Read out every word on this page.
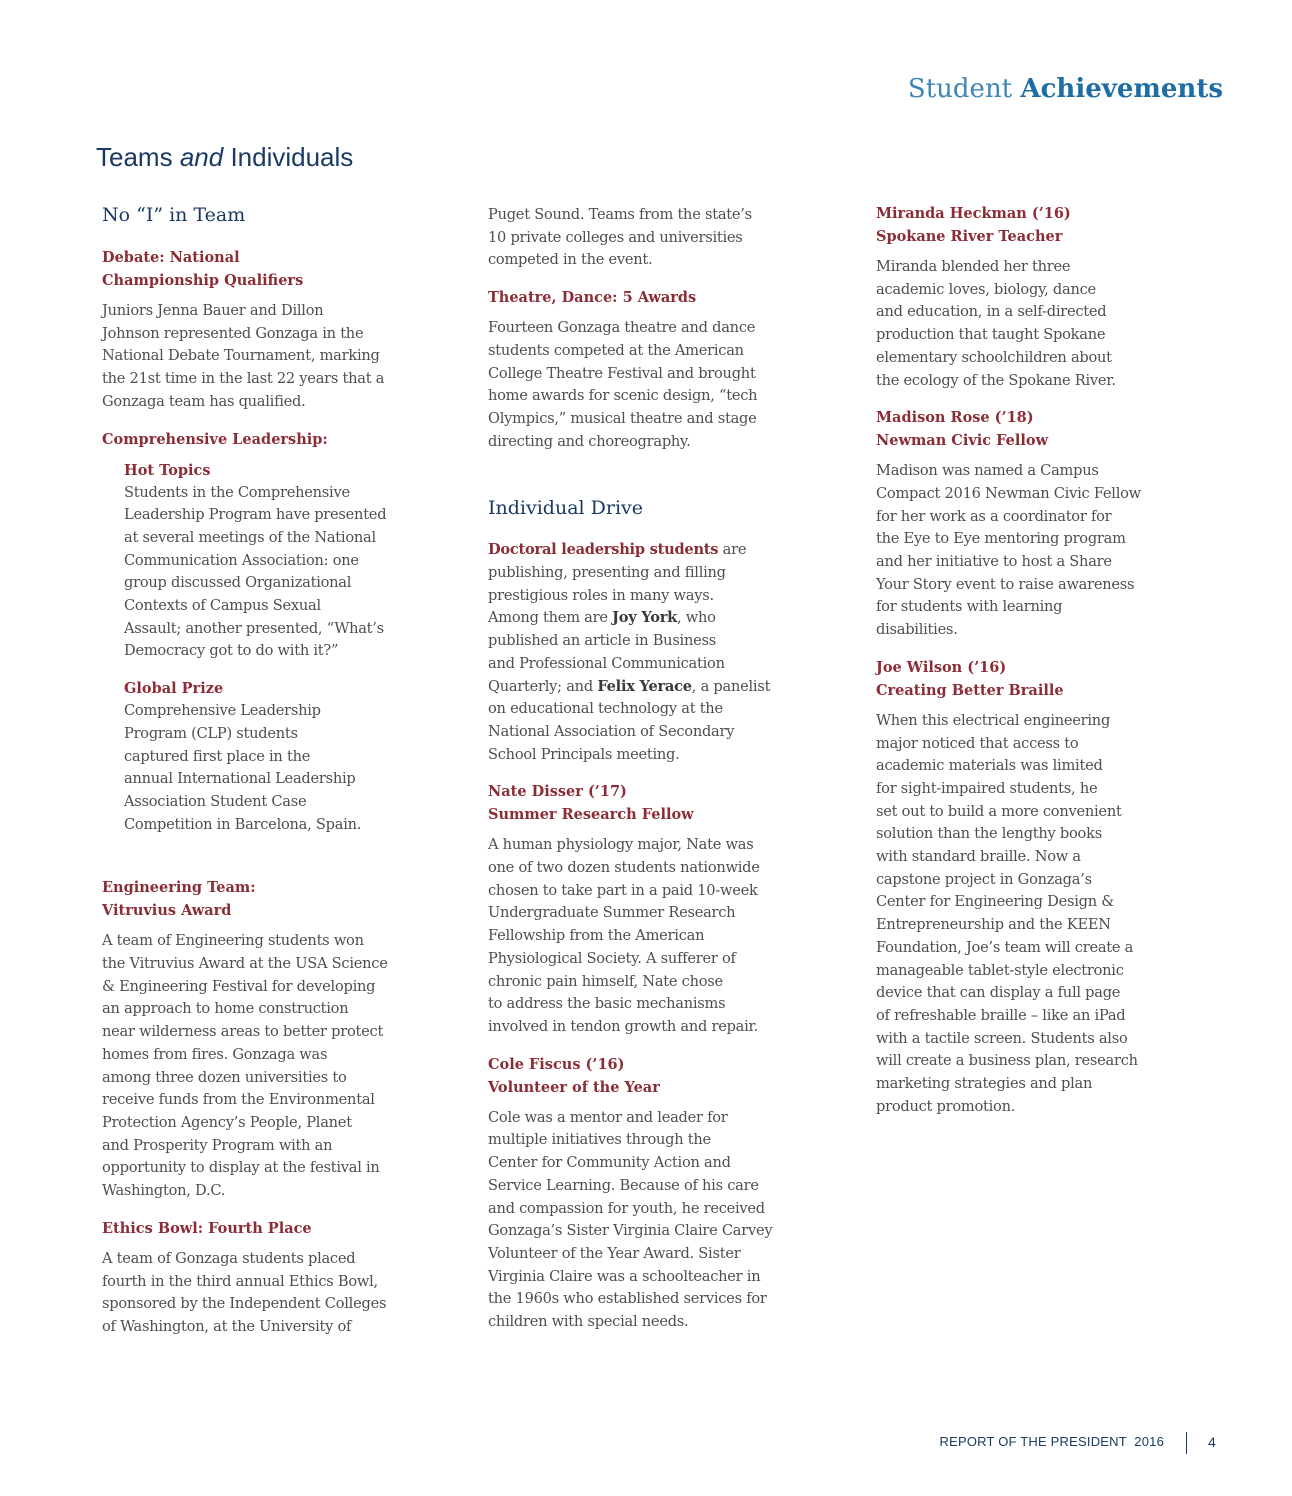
Student Achievements
Teams and Individuals
No “I” in Team
Debate: National
Championship Qualifiers
Juniors Jenna Bauer and Dillon
Johnson represented Gonzaga in the
National Debate Tournament, marking
the 21st time in the last 22 years that a
Gonzaga team has qualified.
Comprehensive Leadership:
Hot Topics
Students in the Comprehensive
Leadership Program have presented
at several meetings of the National
Communication Association: one
group discussed Organizational
Contexts of Campus Sexual
Assault; another presented, “What’s
Democracy got to do with it?”
Global Prize
Comprehensive Leadership
Program (CLP) students
captured first place in the
annual International Leadership
Association Student Case
Competition in Barcelona, Spain.
Engineering Team:
Vitruvius Award
A team of Engineering students won
the Vitruvius Award at the USA Science
& Engineering Festival for developing
an approach to home construction
near wilderness areas to better protect
homes from fires. Gonzaga was
among three dozen universities to
receive funds from the Environmental
Protection Agency’s People, Planet
and Prosperity Program with an
opportunity to display at the festival in
Washington, D.C.
Ethics Bowl: Fourth Place
A team of Gonzaga students placed
fourth in the third annual Ethics Bowl,
sponsored by the Independent Colleges
of Washington, at the University of
Puget Sound. Teams from the state’s
10 private colleges and universities
competed in the event.
Theatre, Dance: 5 Awards
Fourteen Gonzaga theatre and dance
students competed at the American
College Theatre Festival and brought
home awards for scenic design, “tech
Olympics,” musical theatre and stage
directing and choreography.
Individual Drive
Doctoral leadership students are
publishing, presenting and filling
prestigious roles in many ways.
Among them are Joy York, who
published an article in Business
and Professional Communication
Quarterly; and Felix Yerace, a panelist
on educational technology at the
National Association of Secondary
School Principals meeting.
Nate Disser (’17)
Summer Research Fellow
A human physiology major, Nate was
one of two dozen students nationwide
chosen to take part in a paid 10-week
Undergraduate Summer Research
Fellowship from the American
Physiological Society. A sufferer of
chronic pain himself, Nate chose
to address the basic mechanisms
involved in tendon growth and repair.
Cole Fiscus (’16)
Volunteer of the Year
Cole was a mentor and leader for
multiple initiatives through the
Center for Community Action and
Service Learning. Because of his care
and compassion for youth, he received
Gonzaga’s Sister Virginia Claire Carvey
Volunteer of the Year Award. Sister
Virginia Claire was a schoolteacher in
the 1960s who established services for
children with special needs.
Miranda Heckman (’16)
Spokane River Teacher
Miranda blended her three
academic loves, biology, dance
and education, in a self-directed
production that taught Spokane
elementary schoolchildren about
the ecology of the Spokane River.
Madison Rose (’18)
Newman Civic Fellow
Madison was named a Campus
Compact 2016 Newman Civic Fellow
for her work as a coordinator for
the Eye to Eye mentoring program
and her initiative to host a Share
Your Story event to raise awareness
for students with learning
disabilities.
Joe Wilson (’16)
Creating Better Braille
When this electrical engineering
major noticed that access to
academic materials was limited
for sight-impaired students, he
set out to build a more convenient
solution than the lengthy books
with standard braille. Now a
capstone project in Gonzaga’s
Center for Engineering Design &
Entrepreneurship and the KEEN
Foundation, Joe’s team will create a
manageable tablet-style electronic
device that can display a full page
of refreshable braille – like an iPad
with a tactile screen. Students also
will create a business plan, research
marketing strategies and plan
product promotion.
REPORT OF THE PRESIDENT  2016	4
